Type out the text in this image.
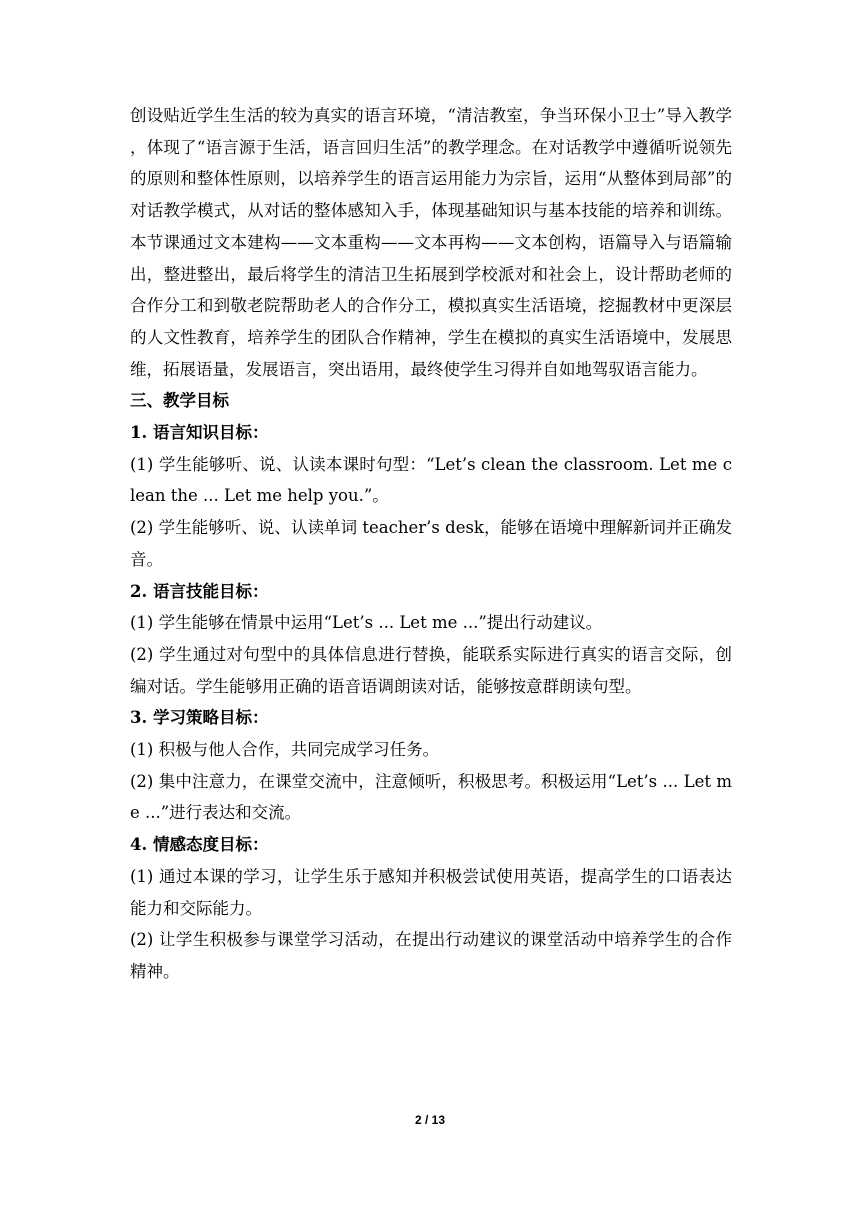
创设贴近学生生活的较为真实的语言环境，“清洁教室，争当环保小卫士”导入教学，体现了“语言源于生活，语言回归生活”的教学理念。在对话教学中遵循听说领先的原则和整体性原则，以培养学生的语言运用能力为宗旨，运用“从整体到局部”的对话教学模式，从对话的整体感知入手，体现基础知识与基本技能的培养和训练。本节课通过文本建构——文本重构——文本再构——文本创构，语篇导入与语篇输出，整进整出，最后将学生的清洁卫生拓展到学校派对和社会上，设计帮助老师的合作分工和到敬老院帮助老人的合作分工，模拟真实生活语境，挖掘教材中更深层的人文性教育，培养学生的团队合作精神，学生在模拟的真实生活语境中，发展思维，拓展语量，发展语言，突出语用，最终使学生习得并自如地驾驭语言能力。

三、教学目标

1. 语言知识目标：

(1) 学生能够听、说、认读本课时句型：“Let’s clean the classroom. Let me clean the ... Let me help you.”。

(2) 学生能够听、说、认读单词 teacher’s desk，能够在语境中理解新词并正确发音。

2. 语言技能目标：

(1) 学生能够在情景中运用“Let’s ... Let me ...”提出行动建议。

(2) 学生通过对句型中的具体信息进行替换，能联系实际进行真实的语言交际，创编对话。学生能够用正确的语音语调朗读对话，能够按意群朗读句型。

3. 学习策略目标：

(1) 积极与他人合作，共同完成学习任务。

(2) 集中注意力，在课堂交流中，注意倾听，积极思考。积极运用“Let’s ... Let me ...”进行表达和交流。

4. 情感态度目标：

(1) 通过本课的学习，让学生乐于感知并积极尝试使用英语，提高学生的口语表达能力和交际能力。

(2) 让学生积极参与课堂学习活动，在提出行动建议的课堂活动中培养学生的合作精神。

2 / 13
